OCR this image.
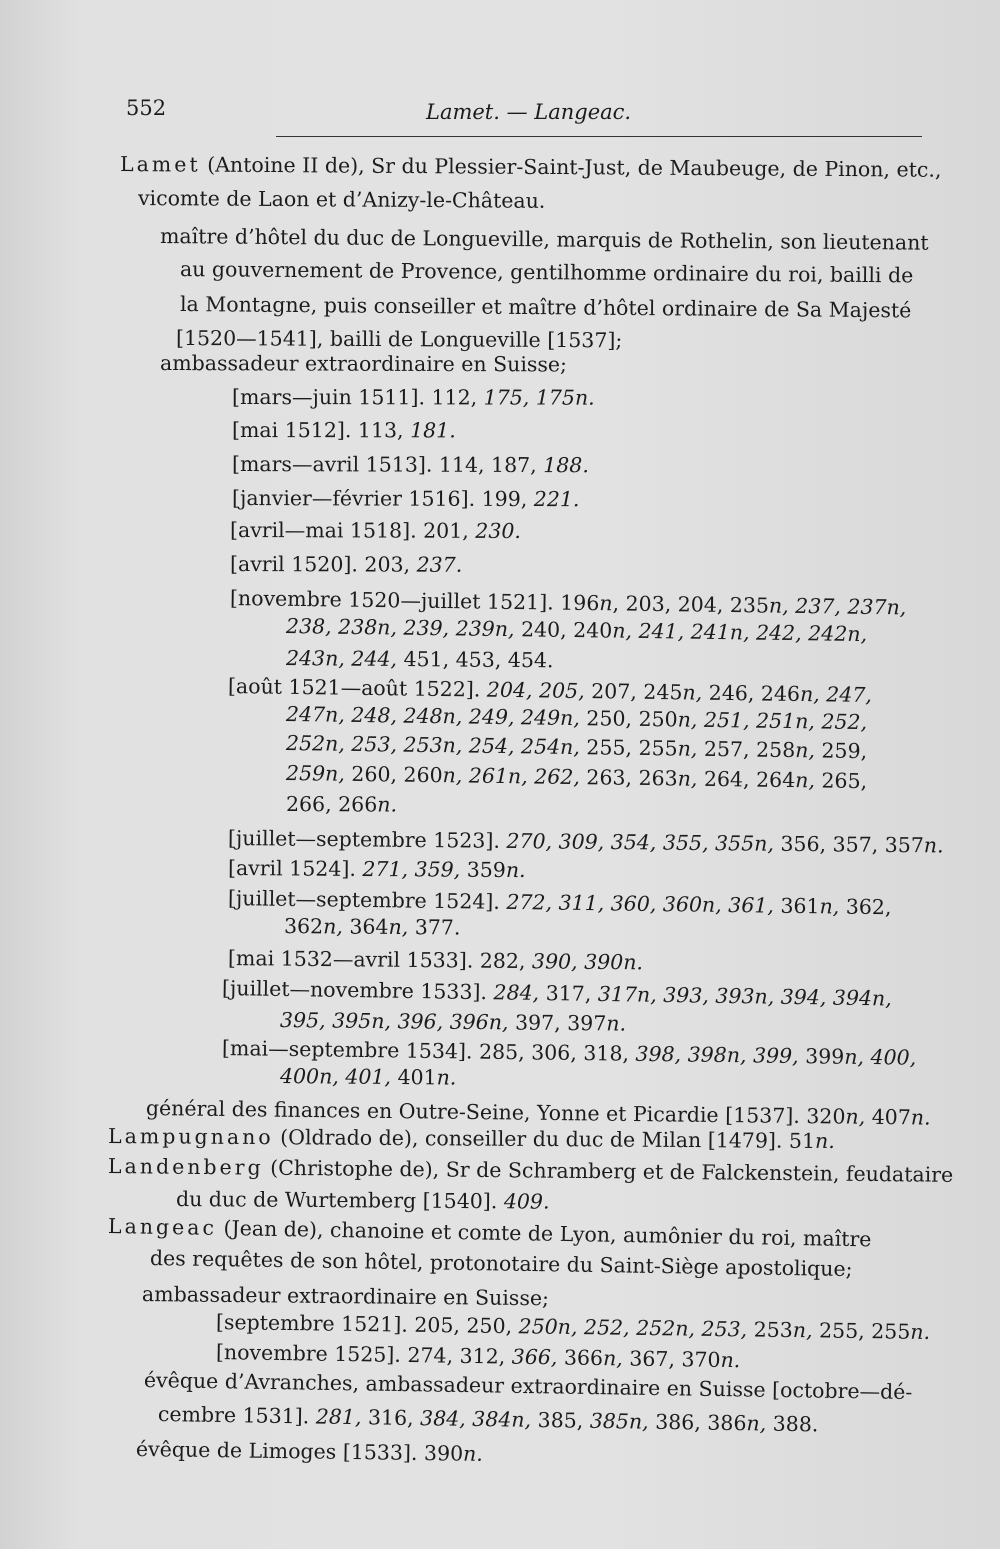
552	Lamet. — Langeac.
Lamet (Antoine II de), Sr du Plessier-Saint-Just, de Maubeuge, de Pinon, etc.,
vicomte de Laon et d’Anizy-le-Château.
maître d’hôtel du duc de Longueville, marquis de Rothelin, son lieutenant
au gouvernement de Provence, gentilhomme ordinaire du roi, bailli de
la Montagne, puis conseiller et maître d’hôtel ordinaire de Sa Majesté
[1520—1541], bailli de Longueville [1537];
ambassadeur extraordinaire en Suisse;
[mars—juin 1511]. 112, 175, 175n.
[mai 1512]. 113, 181.
[mars—avril 1513]. 114, 187, 188.
[janvier—février 1516]. 199, 221.
[avril—mai 1518]. 201, 230.
[avril 1520]. 203, 237.
[novembre 1520—juillet 1521]. 196n, 203, 204, 235n, 237, 237n,
238, 238n, 239, 239n, 240, 240n, 241, 241n, 242, 242n,
243n, 244, 451, 453, 454.
[août 1521—août 1522]. 204, 205, 207, 245n, 246, 246n, 247,
247n, 248, 248n, 249, 249n, 250, 250n, 251, 251n, 252,
252n, 253, 253n, 254, 254n, 255, 255n, 257, 258n, 259,
259n, 260, 260n, 261n, 262, 263, 263n, 264, 264n, 265,
266, 266n.
[juillet—septembre 1523]. 270, 309, 354, 355, 355n, 356, 357, 357n.
[avril 1524]. 271, 359, 359n.
[juillet—septembre 1524]. 272, 311, 360, 360n, 361, 361n, 362,
362n, 364n, 377.
[mai 1532—avril 1533]. 282, 390, 390n.
[juillet—novembre 1533]. 284, 317, 317n, 393, 393n, 394, 394n,
395, 395n, 396, 396n, 397, 397n.
[mai—septembre 1534]. 285, 306, 318, 398, 398n, 399, 399n, 400,
400n, 401, 401n.
général des finances en Outre-Seine, Yonne et Picardie [1537]. 320n, 407n.
Lampugnano (Oldrado de), conseiller du duc de Milan [1479]. 51n.
Landenberg (Christophe de), Sr de Schramberg et de Falckenstein, feudataire
du duc de Wurtemberg [1540]. 409.
Langeac (Jean de), chanoine et comte de Lyon, aumônier du roi, maître
des requêtes de son hôtel, protonotaire du Saint-Siège apostolique;
ambassadeur extraordinaire en Suisse;
[septembre 1521]. 205, 250, 250n, 252, 252n, 253, 253n, 255, 255n.
[novembre 1525]. 274, 312, 366, 366n, 367, 370n.
évêque d’Avranches, ambassadeur extraordinaire en Suisse [octobre—dé-
cembre 1531]. 281, 316, 384, 384n, 385, 385n, 386, 386n, 388.
évêque de Limoges [1533]. 390n.
